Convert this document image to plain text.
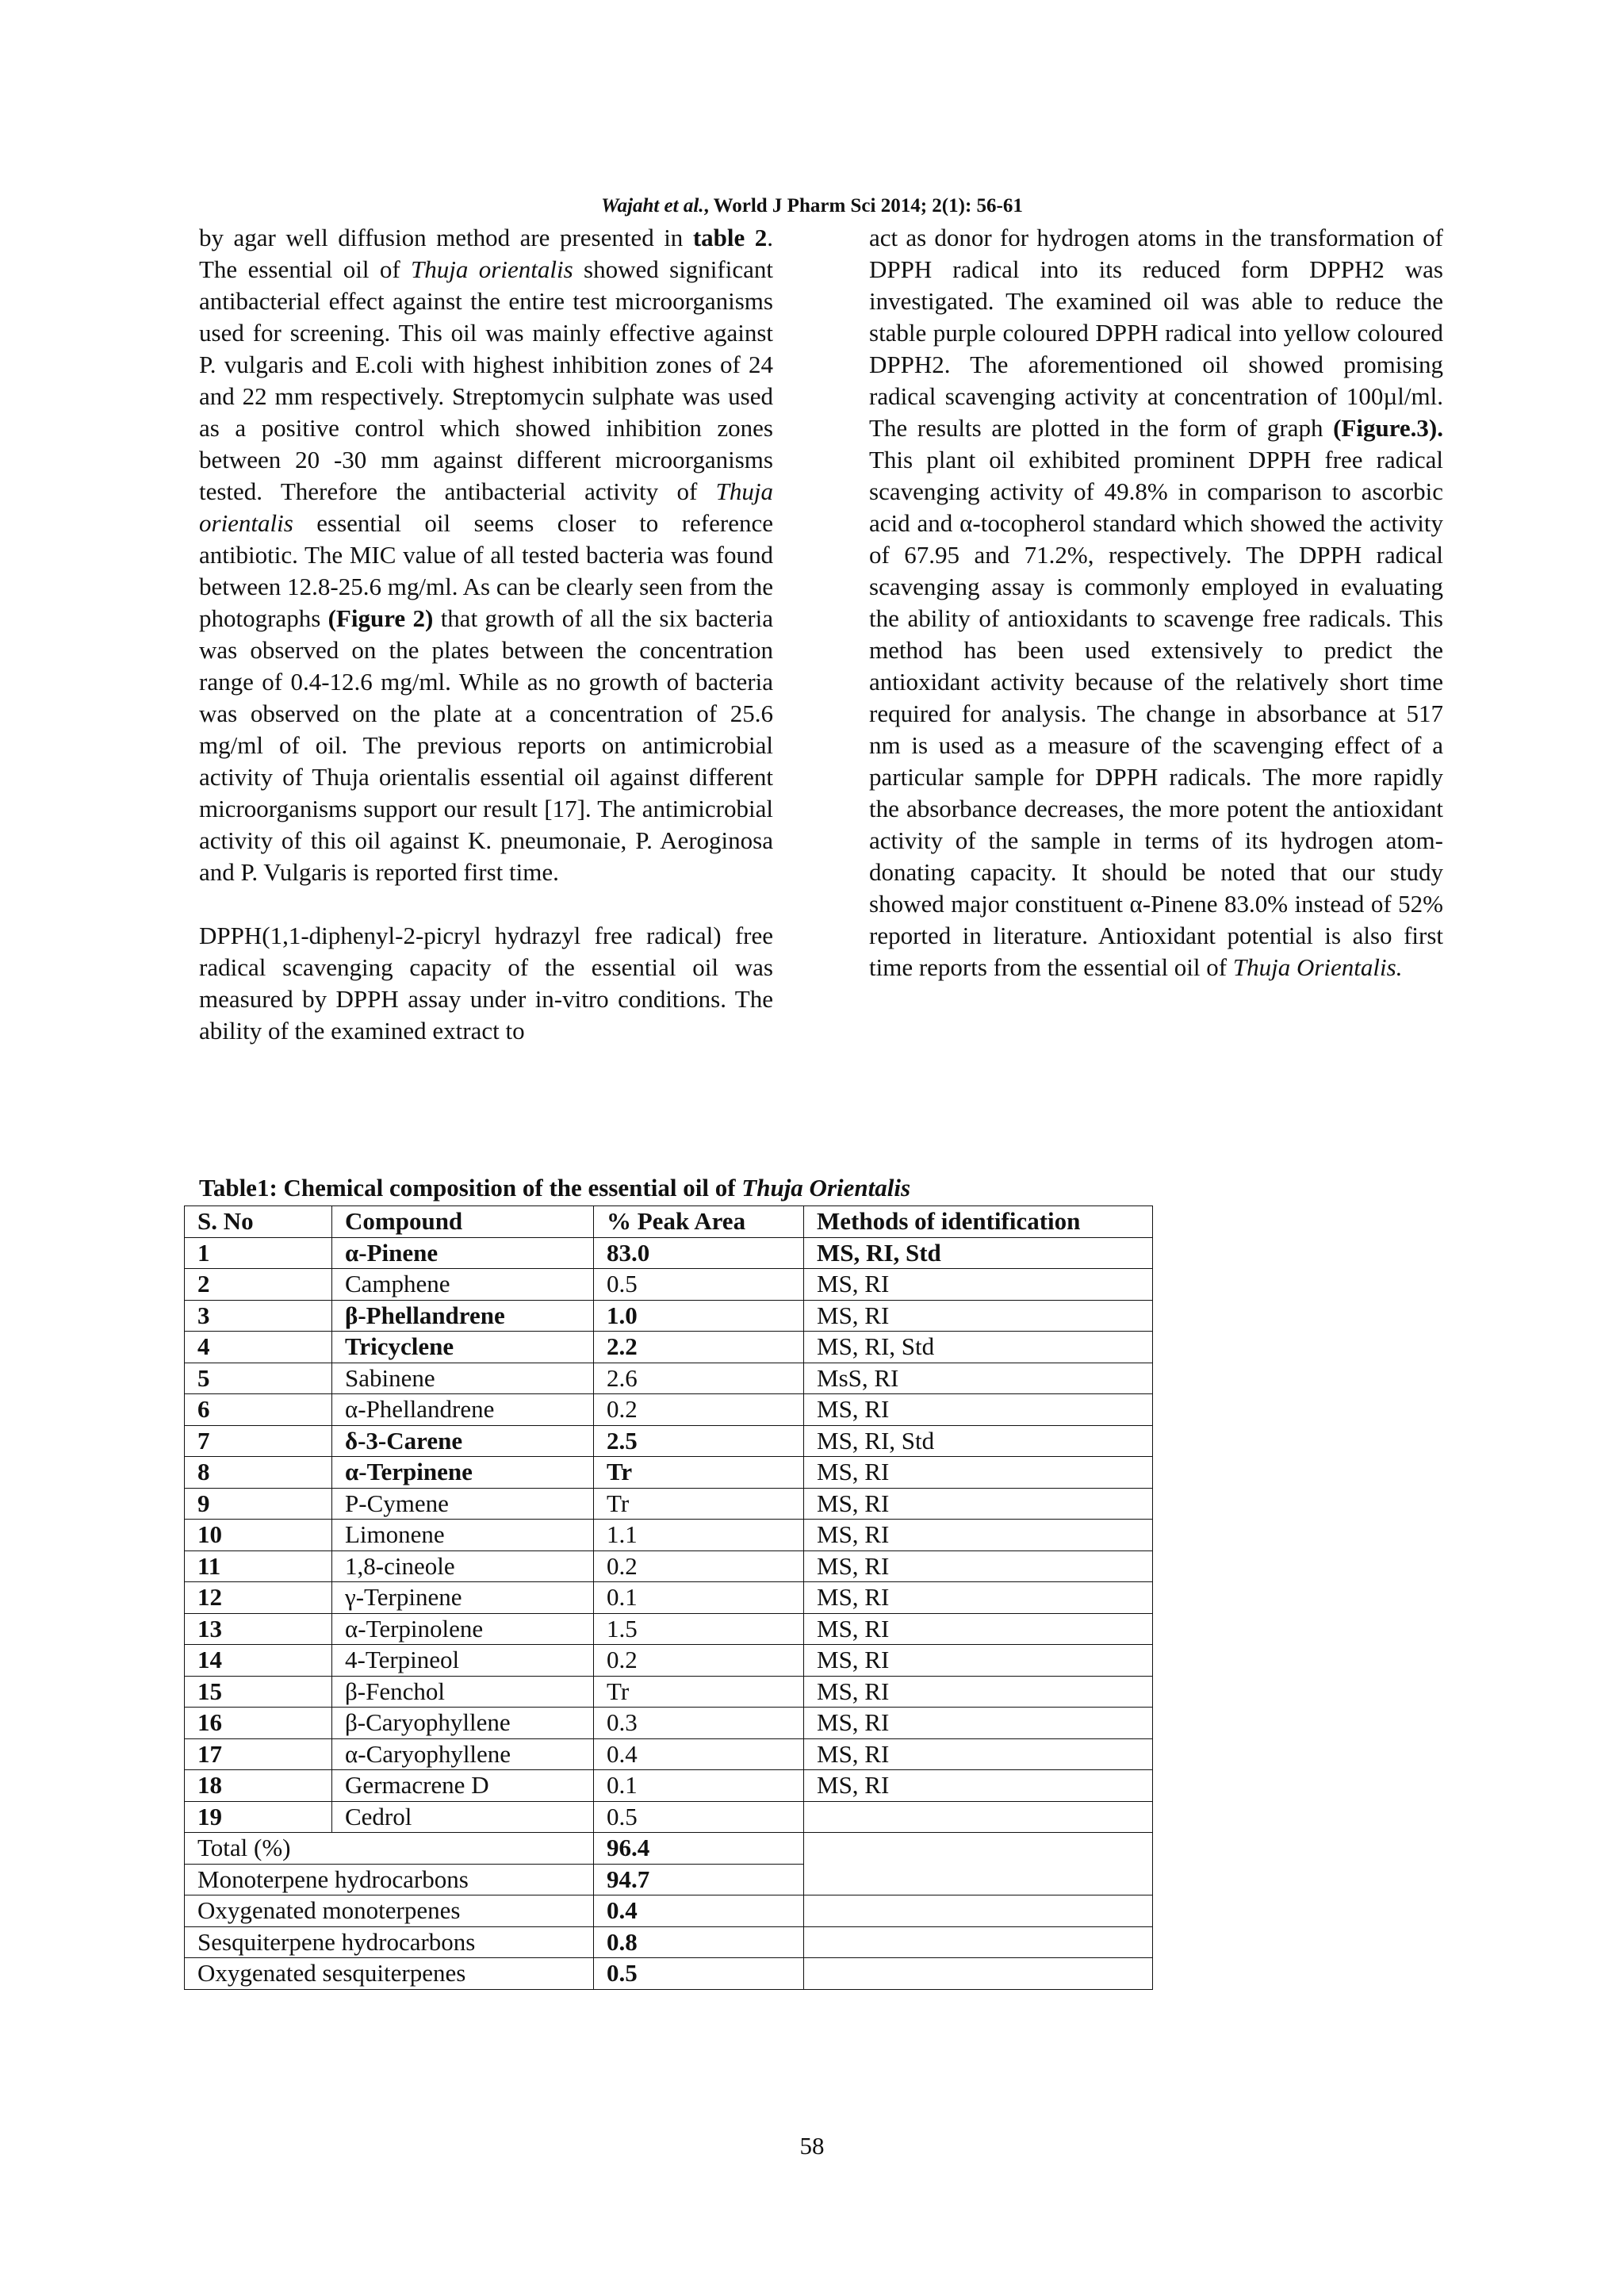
Wajaht et al., World J Pharm Sci 2014; 2(1): 56-61

by agar well diffusion method are presented in table 2. The essential oil of Thuja orientalis showed significant antibacterial effect against the entire test microorganisms used for screening. This oil was mainly effective against P. vulgaris and E.coli with highest inhibition zones of 24 and 22 mm respectively. Streptomycin sulphate was used as a positive control which showed inhibition zones between 20 -30 mm against different microorganisms tested. Therefore the antibacterial activity of Thuja orientalis essential oil seems closer to reference antibiotic. The MIC value of all tested bacteria was found between 12.8-25.6 mg/ml. As can be clearly seen from the photographs (Figure 2) that growth of all the six bacteria was observed on the plates between the concentration range of 0.4-12.6 mg/ml. While as no growth of bacteria was observed on the plate at a concentration of 25.6 mg/ml of oil. The previous reports on antimicrobial activity of Thuja orientalis essential oil against different microorganisms support our result [17]. The antimicrobial activity of this oil against K. pneumonaie, P. Aeroginosa and P. Vulgaris is reported first time.

DPPH(1,1-diphenyl-2-picryl hydrazyl free radical) free radical scavenging capacity of the essential oil was measured by DPPH assay under in-vitro conditions. The ability of the examined extract to

act as donor for hydrogen atoms in the transformation of DPPH radical into its reduced form DPPH2 was investigated. The examined oil was able to reduce the stable purple coloured DPPH radical into yellow coloured DPPH2. The aforementioned oil showed promising radical scavenging activity at concentration of 100µl/ml. The results are plotted in the form of graph (Figure.3). This plant oil exhibited prominent DPPH free radical scavenging activity of 49.8% in comparison to ascorbic acid and α-tocopherol standard which showed the activity of 67.95 and 71.2%, respectively. The DPPH radical scavenging assay is commonly employed in evaluating the ability of antioxidants to scavenge free radicals. This method has been used extensively to predict the antioxidant activity because of the relatively short time required for analysis. The change in absorbance at 517 nm is used as a measure of the scavenging effect of a particular sample for DPPH radicals. The more rapidly the absorbance decreases, the more potent the antioxidant activity of the sample in terms of its hydrogen atom-donating capacity. It should be noted that our study showed major constituent α-Pinene 83.0% instead of 52% reported in literature. Antioxidant potential is also first time reports from the essential oil of Thuja Orientalis.

Table1: Chemical composition of the essential oil of Thuja Orientalis
S. No	Compound	% Peak Area	Methods of identification
1	α-Pinene	83.0	MS, RI, Std
2	Camphene	0.5	MS, RI
3	β-Phellandrene	1.0	MS, RI
4	Tricyclene	2.2	MS, RI, Std
5	Sabinene	2.6	MsS, RI
6	α-Phellandrene	0.2	MS, RI
7	δ-3-Carene	2.5	MS, RI, Std
8	α-Terpinene	Tr	MS, RI
9	P-Cymene	Tr	MS, RI
10	Limonene	1.1	MS, RI
11	1,8-cineole	0.2	MS, RI
12	γ-Terpinene	0.1	MS, RI
13	α-Terpinolene	1.5	MS, RI
14	4-Terpineol	0.2	MS, RI
15	β-Fenchol	Tr	MS, RI
16	β-Caryophyllene	0.3	MS, RI
17	α-Caryophyllene	0.4	MS, RI
18	Germacrene D	0.1	MS, RI
19	Cedrol	0.5	
Total (%)		96.4	
Monoterpene hydrocarbons		94.7	
Oxygenated monoterpenes		0.4	
Sesquiterpene hydrocarbons		0.8	
Oxygenated sesquiterpenes		0.5	
58
